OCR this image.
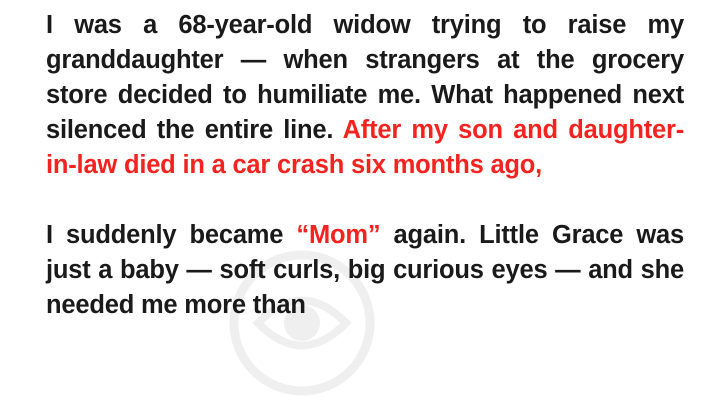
I was a 68-year-old widow trying to raise my granddaughter — when strangers at the grocery store decided to humiliate me. What happened next silenced the entire line. After my son and daughter-in-law died in a car crash six months ago,

I suddenly became “Mom” again. Little Grace was just a baby — soft curls, big curious eyes — and she needed me more than
